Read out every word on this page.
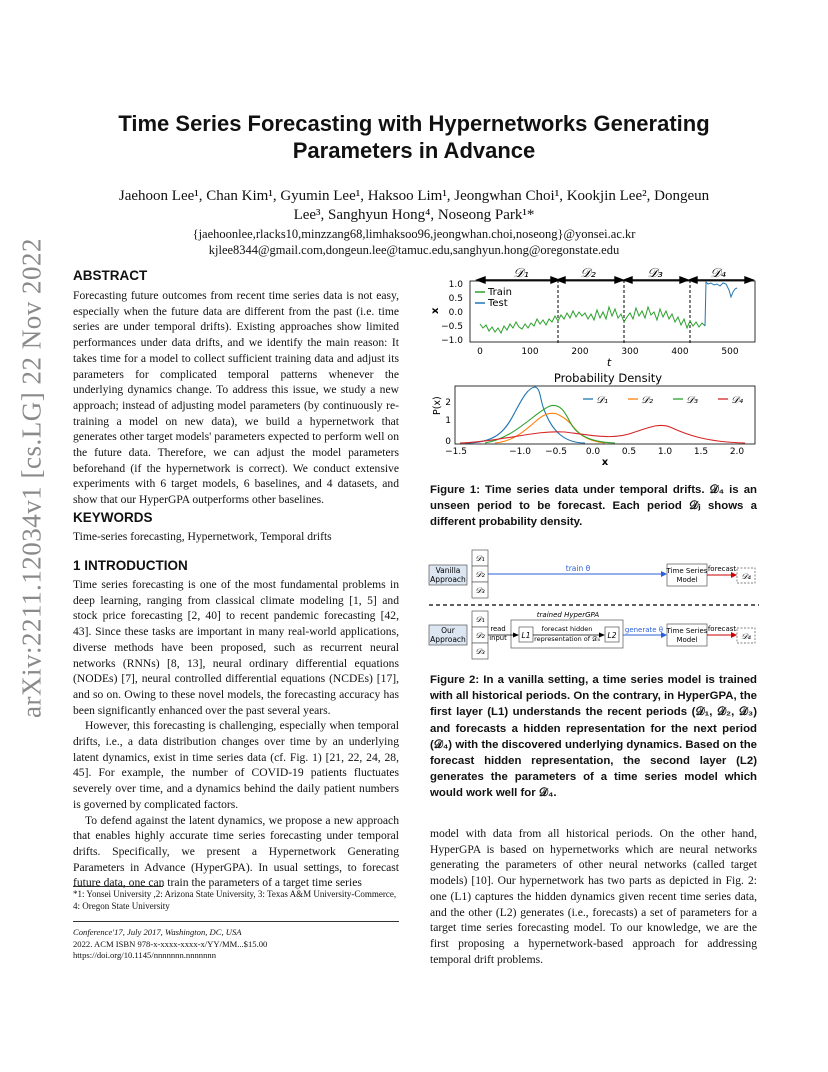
Time Series Forecasting with Hypernetworks Generating Parameters in Advance
Jaehoon Lee¹, Chan Kim¹, Gyumin Lee¹, Haksoo Lim¹, Jeongwhan Choi¹, Kookjin Lee², Dongeun
Lee³, Sanghyun Hong⁴, Noseong Park¹*
{jaehoonlee,rlacks10,minzzang68,limhaksoo96,jeongwhan.choi,noseong}@yonsei.ac.kr
kjlee8344@gmail.com,dongeun.lee@tamuc.edu,sanghyun.hong@oregonstate.edu
arXiv:2211.12034v1 [cs.LG] 22 Nov 2022 ABSTRACT

Forecasting future outcomes from recent time series data is not easy, especially when the future data are different from the past (i.e. time series are under temporal drifts). Existing approaches show limited performances under data drifts, and we identify the main reason: It takes time for a model to collect sufficient training data and adjust its parameters for complicated temporal patterns whenever the underlying dynamics change. To address this issue, we study a new approach; instead of adjusting model parameters (by continuously re-training a model on new data), we build a hypernetwork that generates other target models' parameters expected to perform well on the future data. Therefore, we can adjust the model parameters beforehand (if the hypernetwork is correct). We conduct extensive experiments with 6 target models, 6 baselines, and 4 datasets, and show that our HyperGPA outperforms other baselines.

KEYWORDS

Time-series forecasting, Hypernetwork, Temporal drifts

1 INTRODUCTION

Time series forecasting is one of the most fundamental problems in deep learning, ranging from classical climate modeling [1, 5] and stock price forecasting [2, 40] to recent pandemic forecasting [42, 43]. Since these tasks are important in many real-world applications, diverse methods have been proposed, such as recurrent neural networks (RNNs) [8, 13], neural ordinary differential equations (NODEs) [7], neural controlled differential equations (NCDEs) [17], and so on. Owing to these novel models, the forecasting accuracy has been significantly enhanced over the past several years.

However, this forecasting is challenging, especially when temporal drifts, i.e., a data distribution changes over time by an underlying latent dynamics, exist in time series data (cf. Fig. 1) [21, 22, 24, 28, 45]. For example, the number of COVID-19 patients fluctuates severely over time, and a dynamics behind the daily patient numbers is governed by complicated factors.

To defend against the latent dynamics, we propose a new approach that enables highly accurate time series forecasting under temporal drifts. Specifically, we present a Hypernetwork Generating Parameters in Advance (HyperGPA). In usual settings, to forecast future data, one can train the parameters of a target time series

*1: Yonsei University ,2: Arizona State University, 3: Texas A&M University-Commerce, 4: Oregon State University
Conference'17, July 2017, Washington, DC, USA
2022. ACM ISBN 978-x-xxxx-xxxx-x/YY/MM...$15.00
https://doi.org/10.1145/nnnnnnn.nnnnnnn
𝒟₁	𝒟₂	𝒟₃	𝒟₄
1.0
0.5
0.0
−0.5
−1.0
x
0	100	200	300	400	500
t
Train
Test
Probability Density
2
1
0
P(x)
−1.5	−1.0 −0.5 0.0 0.5 1.0 1.5 2.0
x
𝒟₁	𝒟₂	𝒟₃	𝒟₄
Figure 1: Time series data under temporal drifts. 𝒟₄ is an unseen period to be forecast. Each period 𝒟ⱼ shows a different probability density.
Vanilla
Approach
𝒟₁
𝒟₂
𝒟₃
train θ	Time Series
Model
forecast
𝒟₄
Our
Approach
𝒟₁
𝒟₂
𝒟₃
trained HyperGPA
read
input L1
forecast hidden
representation of 𝒟₄ L2
generate θ Time Series
Model
forecast
𝒟₄
Figure 2: In a vanilla setting, a time series model is trained with all historical periods. On the contrary, in HyperGPA, the first layer (L1) understands the recent periods (𝒟₁, 𝒟₂, 𝒟₃) and forecasts a hidden representation for the next period (𝒟₄) with the discovered underlying dynamics. Based on the forecast hidden representation, the second layer (L2) generates the parameters of a time series model which would work well for 𝒟₄.

model with data from all historical periods. On the other hand, HyperGPA is based on hypernetworks which are neural networks generating the parameters of other neural networks (called target models) [10]. Our hypernetwork has two parts as depicted in Fig. 2: one (L1) captures the hidden dynamics given recent time series data, and the other (L2) generates (i.e., forecasts) a set of parameters for a target time series forecasting model. To our knowledge, we are the first proposing a hypernetwork-based approach for addressing temporal drift problems.
